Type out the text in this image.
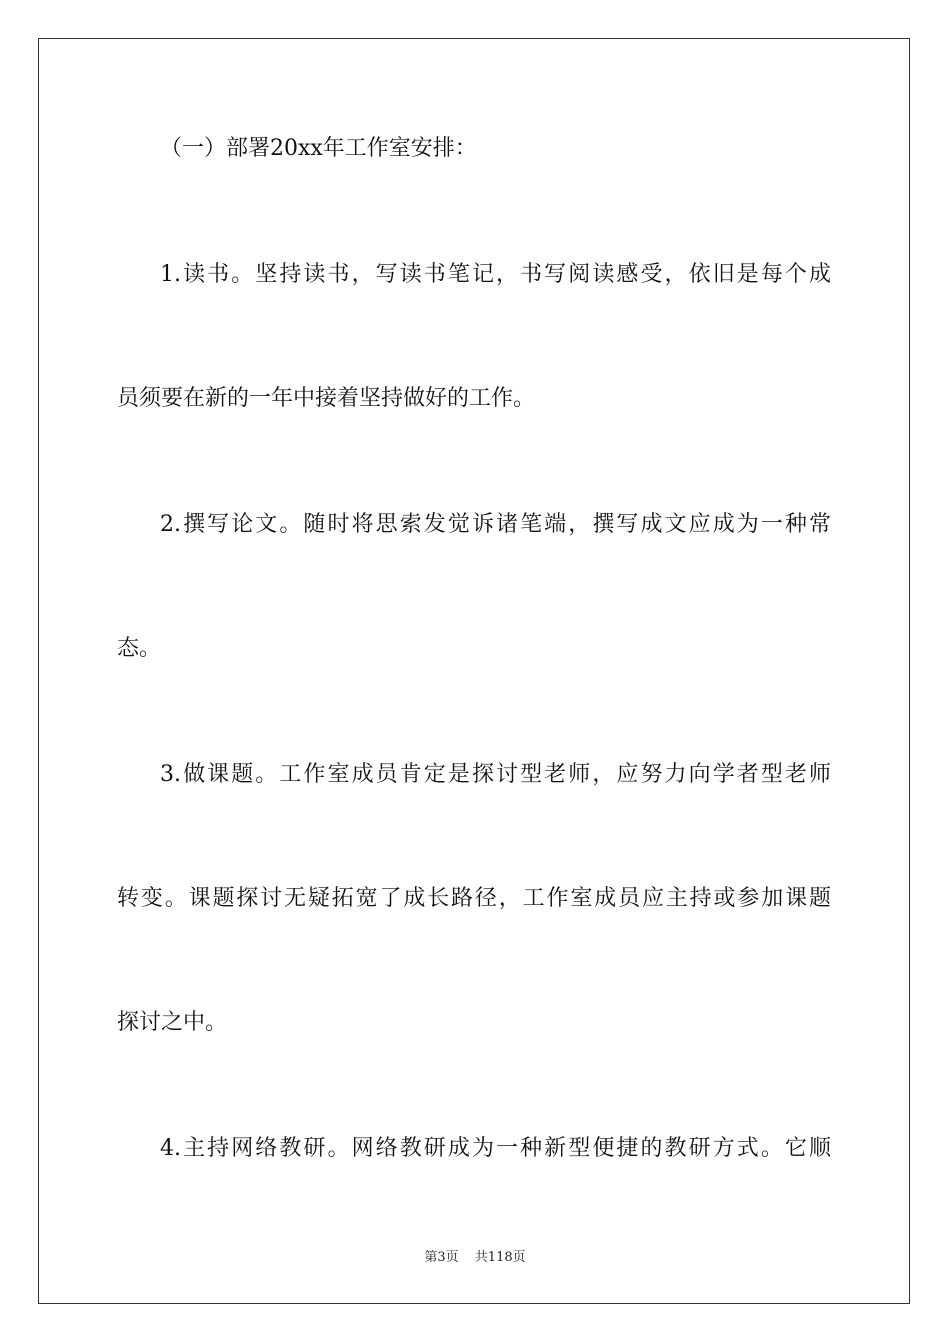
（一）部署20xx年工作室安排：
1.读书。坚持读书，写读书笔记，书写阅读感受，依旧是每个成
员须要在新的一年中接着坚持做好的工作。
2.撰写论文。随时将思索发觉诉诸笔端，撰写成文应成为一种常
态。
3.做课题。工作室成员肯定是探讨型老师，应努力向学者型老师
转变。课题探讨无疑拓宽了成长路径，工作室成员应主持或参加课题
探讨之中。
4.主持网络教研。网络教研成为一种新型便捷的教研方式。它顺
第3页 共118页
